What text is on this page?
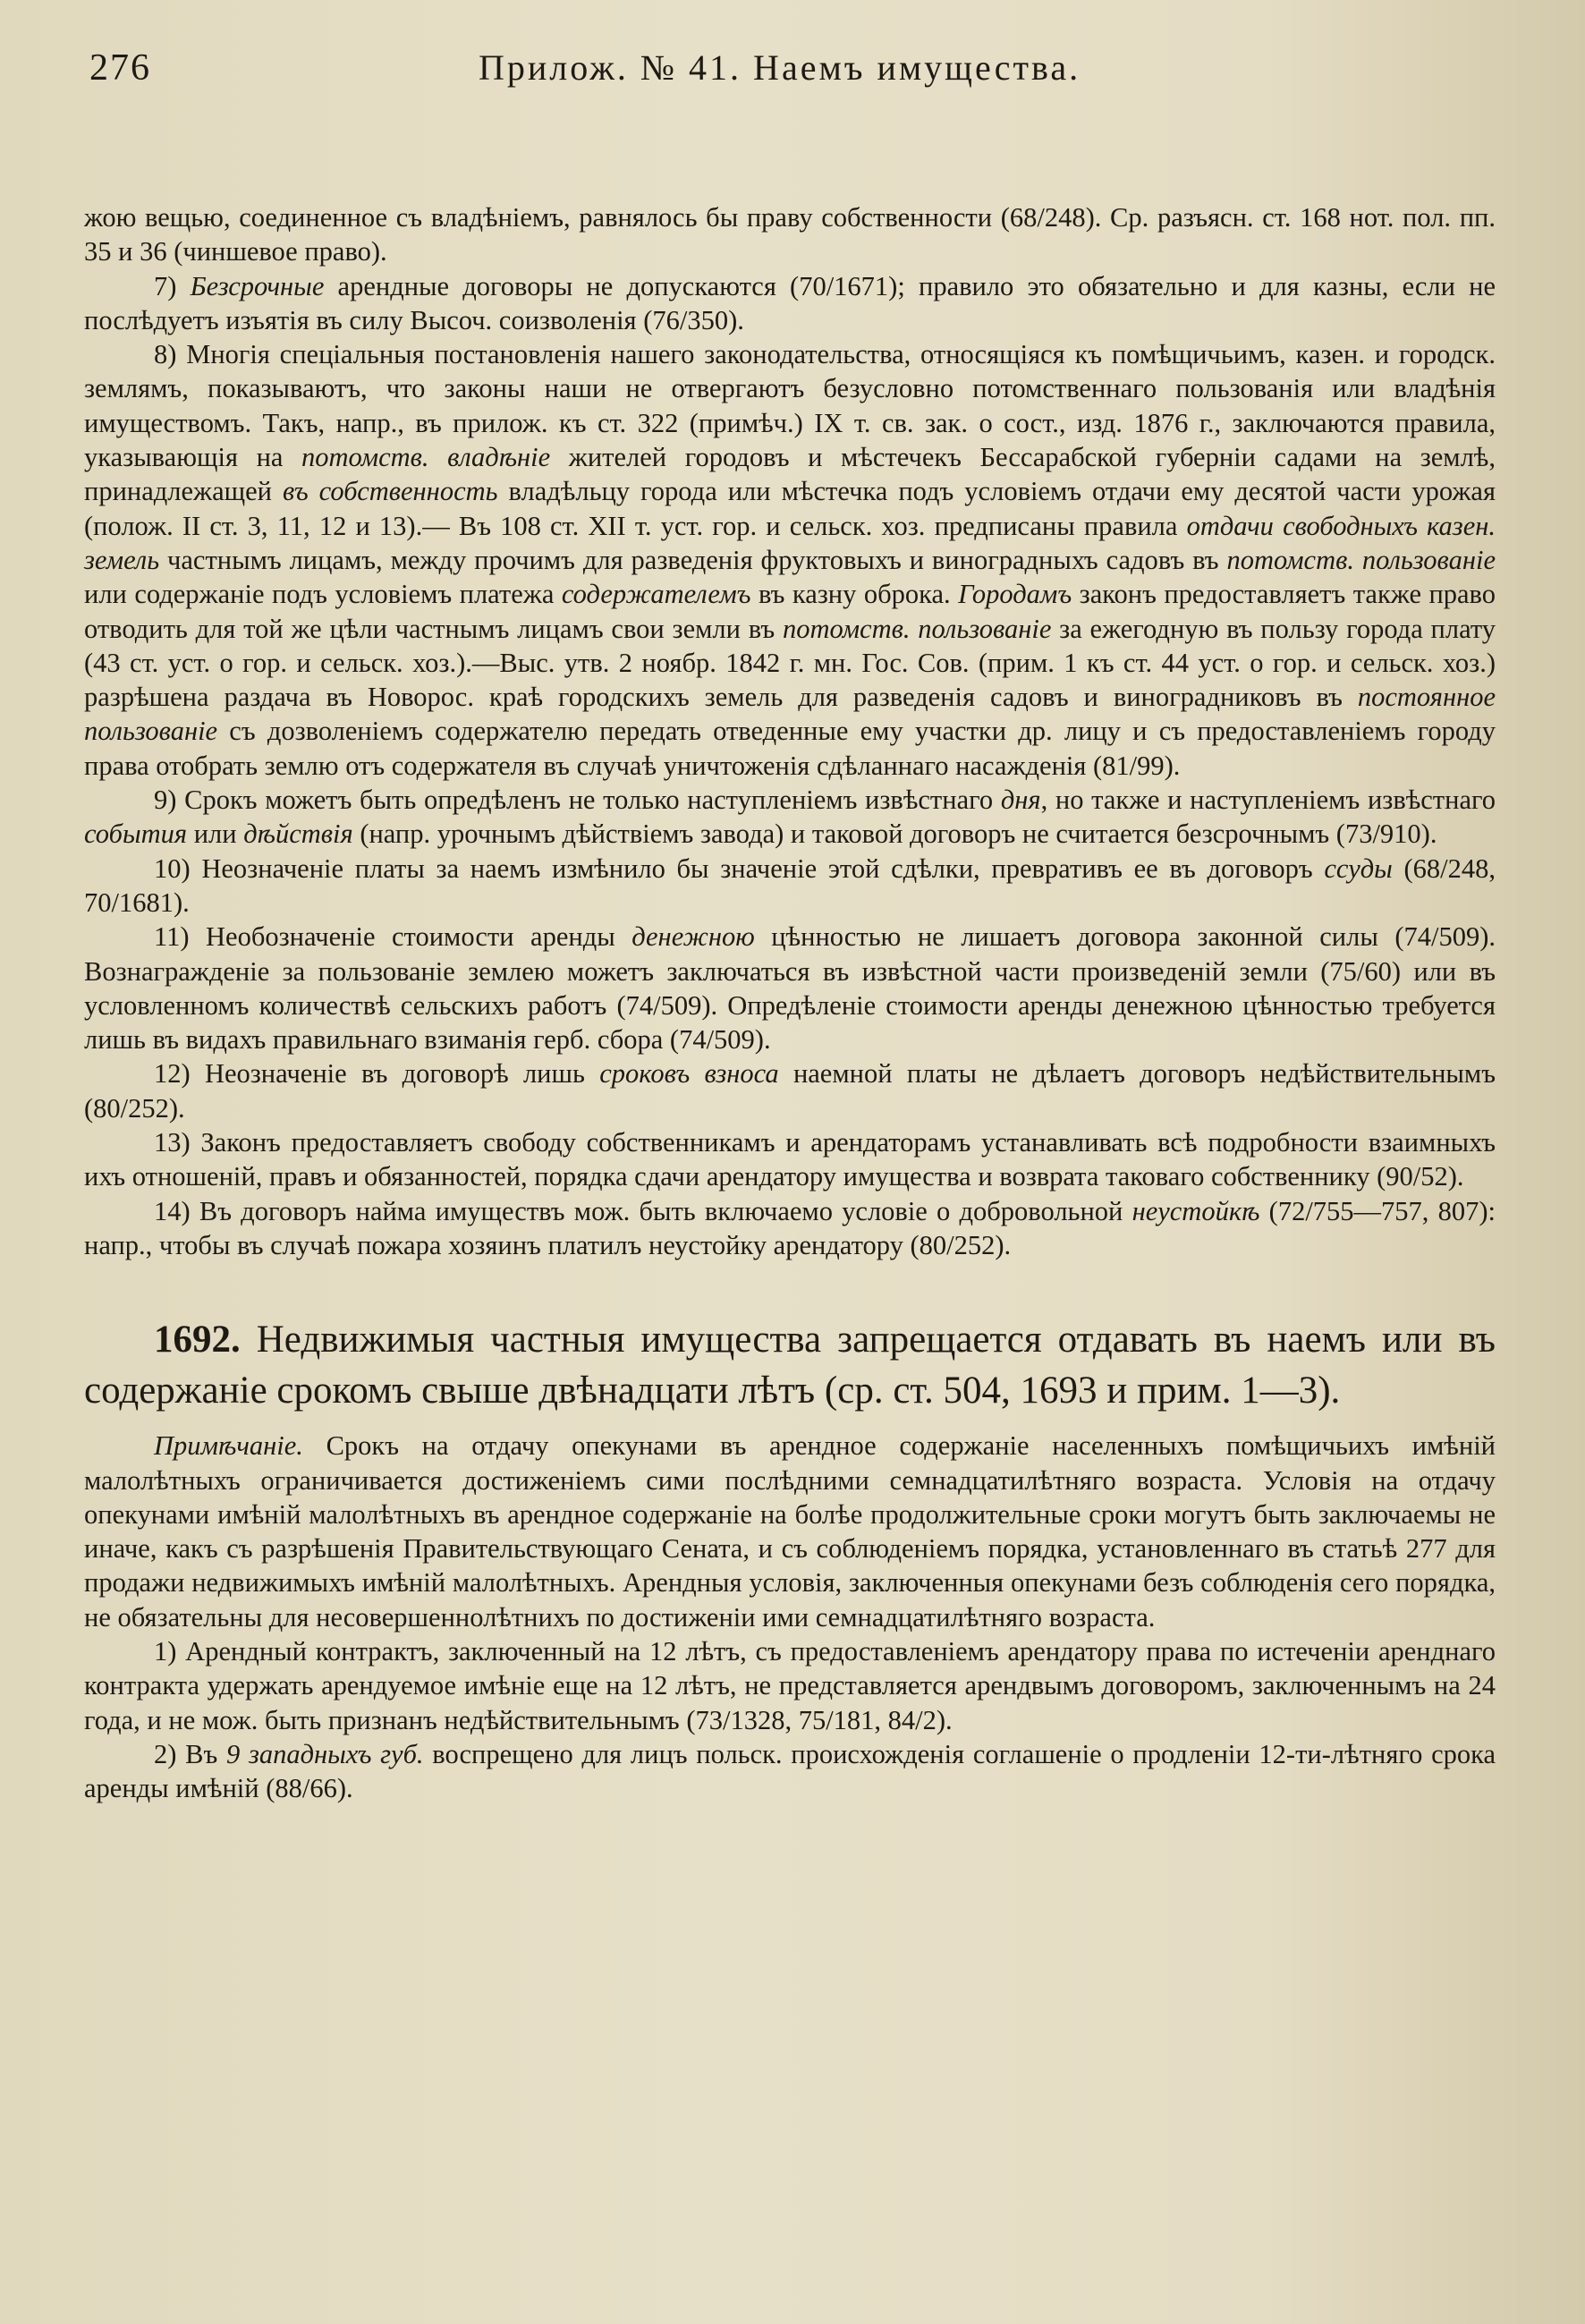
276	Прилож. № 41. Наемъ имущества.

жою вещью, соединенное съ владѣніемъ, равнялось бы праву собственности (68/248). Ср. разъясн. ст. 168 нот. пол. пп. 35 и 36 (чиншевое право).

7) Безсрочные арендные договоры не допускаются (70/1671); правило это обязательно и для казны, если не послѣдуетъ изъятія въ силу Высоч. соизволенія (76/350).

8) Многія спеціальныя постановленія нашего законодательства, относящіяся къ помѣщичьимъ, казен. и городск. землямъ, показываютъ, что законы наши не отвергаютъ безусловно потомственнаго пользованія или владѣнія имуществомъ. Такъ, напр., въ прилож. къ ст. 322 (примѣч.) IX т. св. зак. о сост., изд. 1876 г., заключаются правила, указывающія на потомств. владѣніе жителей городовъ и мѣстечекъ Бессарабской губерніи садами на землѣ, принадлежащей въ собственность владѣльцу города или мѣстечка подъ условіемъ отдачи ему десятой части урожая (полож. II ст. 3, 11, 12 и 13).— Въ 108 ст. XII т. уст. гор. и сельск. хоз. предписаны правила отдачи свободныхъ казен. земель частнымъ лицамъ, между прочимъ для разведенія фруктовыхъ и виноградныхъ садовъ въ потомств. пользованіе или содержаніе подъ условіемъ платежа содержателемъ въ казну оброка. Городамъ законъ предоставляетъ также право отводить для той же цѣли частнымъ лицамъ свои земли въ потомств. пользованіе за ежегодную въ пользу города плату (43 ст. уст. о гор. и сельск. хоз.).—Выс. утв. 2 ноябр. 1842 г. мн. Гос. Сов. (прим. 1 къ ст. 44 уст. о гор. и сельск. хоз.) разрѣшена раздача въ Новорос. краѣ городскихъ земель для разведенія садовъ и виноградниковъ въ постоянное пользованіе съ дозволеніемъ содержателю передать отведенные ему участки др. лицу и съ предоставленіемъ городу права отобрать землю отъ содержателя въ случаѣ уничтоженія сдѣланнаго насажденія (81/99).

9) Срокъ можетъ быть опредѣленъ не только наступленіемъ извѣстнаго дня, но также и наступленіемъ извѣстнаго события или дѣйствія (напр. урочнымъ дѣйствіемъ завода) и таковой договоръ не считается безсрочнымъ (73/910).

10) Неозначеніе платы за наемъ измѣнило бы значеніе этой сдѣлки, превративъ ее въ договоръ ссуды (68/248, 70/1681).

11) Необозначеніе стоимости аренды денежною цѣнностью не лишаетъ договора законной силы (74/509). Вознагражденіе за пользованіе землею можетъ заключаться въ извѣстной части произведеній земли (75/60) или въ условленномъ количествѣ сельскихъ работъ (74/509). Опредѣленіе стоимости аренды денежною цѣнностью требуется лишь въ видахъ правильнаго взиманія герб. сбора (74/509).

12) Неозначеніе въ договорѣ лишь сроковъ взноса наемной платы не дѣлаетъ договоръ недѣйствительнымъ (80/252).

13) Законъ предоставляетъ свободу собственникамъ и арендаторамъ устанавливать всѣ подробности взаимныхъ ихъ отношеній, правъ и обязанностей, порядка сдачи арендатору имущества и возврата таковаго собственнику (90/52).

14) Въ договоръ найма имуществъ мож. быть включаемо условіе о добровольной неустойкѣ (72/755—757, 807): напр., чтобы въ случаѣ пожара хозяинъ платилъ неустойку арендатору (80/252).

1692. Недвижимыя частныя имущества запрещается отдавать въ наемъ или въ содержаніе срокомъ свыше двѣнадцати лѣтъ (ср. ст. 504, 1693 и прим. 1—3).

Примѣчаніе. Срокъ на отдачу опекунами въ арендное содержаніе населенныхъ помѣщичьихъ имѣній малолѣтныхъ ограничивается достиженіемъ сими послѣдними семнадцатилѣтняго возраста. Условія на отдачу опекунами имѣній малолѣтныхъ въ арендное содержаніе на болѣе продолжительные сроки могутъ быть заключаемы не иначе, какъ съ разрѣшенія Правительствующаго Сената, и съ соблюденіемъ порядка, установленнаго въ статьѣ 277 для продажи недвижимыхъ имѣній малолѣтныхъ. Арендныя условія, заключенныя опекунами безъ соблюденія сего порядка, не обязательны для несовершеннолѣтнихъ по достиженіи ими семнадцатилѣтняго возраста.

1) Арендный контрактъ, заключенный на 12 лѣтъ, съ предоставленіемъ арендатору права по истеченіи аренднаго контракта удержать арендуемое имѣніе еще на 12 лѣтъ, не представляется арендвымъ договоромъ, заключеннымъ на 24 года, и не мож. быть признанъ недѣйствительнымъ (73/1328, 75/181, 84/2).

2) Въ 9 западныхъ губ. воспрещено для лицъ польск. происхожденія соглашеніе о продленіи 12-ти-лѣтняго срока аренды имѣній (88/66).
